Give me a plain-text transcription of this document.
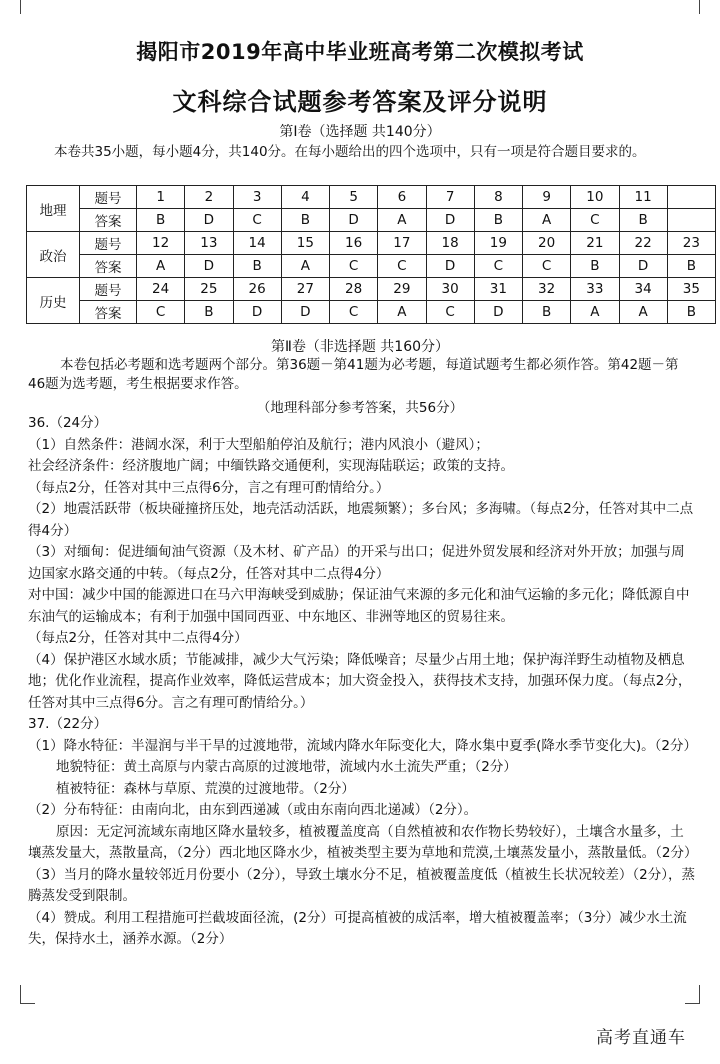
揭阳市2019年高中毕业班高考第二次模拟考试
文科综合试题参考答案及评分说明
第Ⅰ卷（选择题 共140分）
本卷共35小题，每小题4分，共140分。在每小题给出的四个选项中，只有一项是符合题目要求的。
地理	题号	1	2	3	4	5	6	7	8	9	10	11	
	答案	B	D	C	B	D	A	D	B	A	C	B	
政治	题号	12	13	14	15	16	17	18	19	20	21	22	23
	答案	A	D	B	A	C	C	D	C	C	B	D	B
历史	题号	24	25	26	27	28	29	30	31	32	33	34	35
	答案	C	B	D	D	C	A	C	D	B	A	A	B
第Ⅱ卷（非选择题 共160分）
本卷包括必考题和选考题两个部分。第36题－第41题为必考题，每道试题考生都必须作答。第42题－第46题为选考题，考生根据要求作答。
（地理科部分参考答案，共56分）

36.（24分）

（1）自然条件：港阔水深，利于大型船舶停泊及航行；港内风浪小（避风）；

社会经济条件：经济腹地广阔；中缅铁路交通便利，实现海陆联运；政策的支持。

（每点2分，任答对其中三点得6分，言之有理可酌情给分。）

（2）地震活跃带（板块碰撞挤压处，地壳活动活跃，地震频繁）；多台风；多海啸。（每点2分，任答对其中二点得4分）

（3）对缅甸：促进缅甸油气资源（及木材、矿产品）的开采与出口；促进外贸发展和经济对外开放；加强与周边国家水路交通的中转。（每点2分，任答对其中二点得4分）

对中国：减少中国的能源进口在马六甲海峡受到威胁；保证油气来源的多元化和油气运输的多元化；降低源自中东油气的运输成本；有利于加强中国同西亚、中东地区、非洲等地区的贸易往来。

（每点2分，任答对其中二点得4分）

（4）保护港区水域水质；节能减排，减少大气污染；降低噪音；尽量少占用土地；保护海洋野生动植物及栖息地；优化作业流程，提高作业效率，降低运营成本；加大资金投入，获得技术支持，加强环保力度。（每点2分，任答对其中三点得6分。言之有理可酌情给分。）

37.（22分）

（1）降水特征：半湿润与半干旱的过渡地带，流域内降水年际变化大，降水集中夏季(降水季节变化大)。（2分）

地貌特征：黄土高原与内蒙古高原的过渡地带，流域内水土流失严重；（2分）

植被特征：森林与草原、荒漠的过渡地带。（2分）

（2）分布特征：由南向北，由东到西递减（或由东南向西北递减）（2分）。

原因：无定河流域东南地区降水量较多，植被覆盖度高（自然植被和农作物长势较好），土壤含水量多，土壤蒸发量大，蒸散量高，（2分）西北地区降水少，植被类型主要为草地和荒漠,土壤蒸发量小，蒸散量低。（2分）

（3）当月的降水量较邻近月份要小（2分），导致土壤水分不足，植被覆盖度低（植被生长状况较差）（2分），蒸腾蒸发受到限制。

（4）赞成。利用工程措施可拦截坡面径流，(2分）可提高植被的成活率，增大植被覆盖率；（3分）减少水土流失，保持水土，涵养水源。（2分）

高考直通车
